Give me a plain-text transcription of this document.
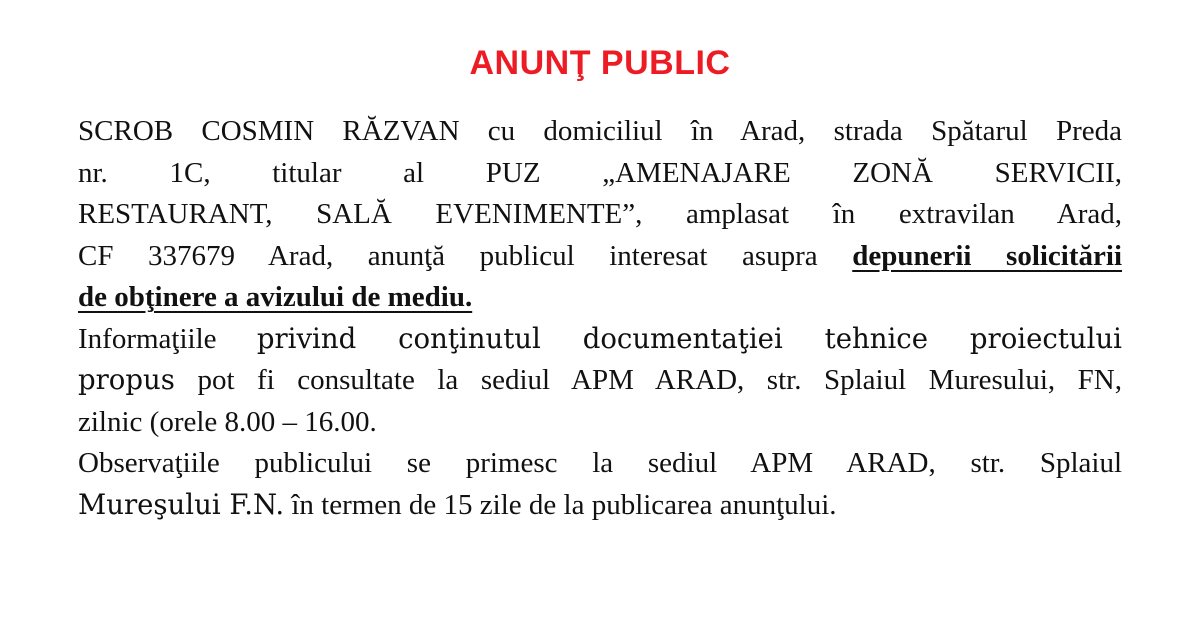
ANUNŢ PUBLIC
SCROB COSMIN RĂZVAN cu domiciliul în Arad, strada Spătarul Preda
nr. 1C, titular al PUZ „AMENAJARE ZONĂ SERVICII,
RESTAURANT, SALĂ EVENIMENTE”, amplasat în extravilan Arad,
CF 337679 Arad, anunţă publicul interesat asupra depunerii solicitării
de obţinere a avizului de mediu.
Informaţiile privind conţinutul documentaţiei tehnice proiectului
propus pot fi consultate la sediul APM ARAD, str. Splaiul Muresului, FN,
zilnic (orele 8.00 – 16.00.
Observaţiile publicului se primesc la sediul APM ARAD, str. Splaiul
Mureşului F.N. în termen de 15 zile de la publicarea anunţului.
